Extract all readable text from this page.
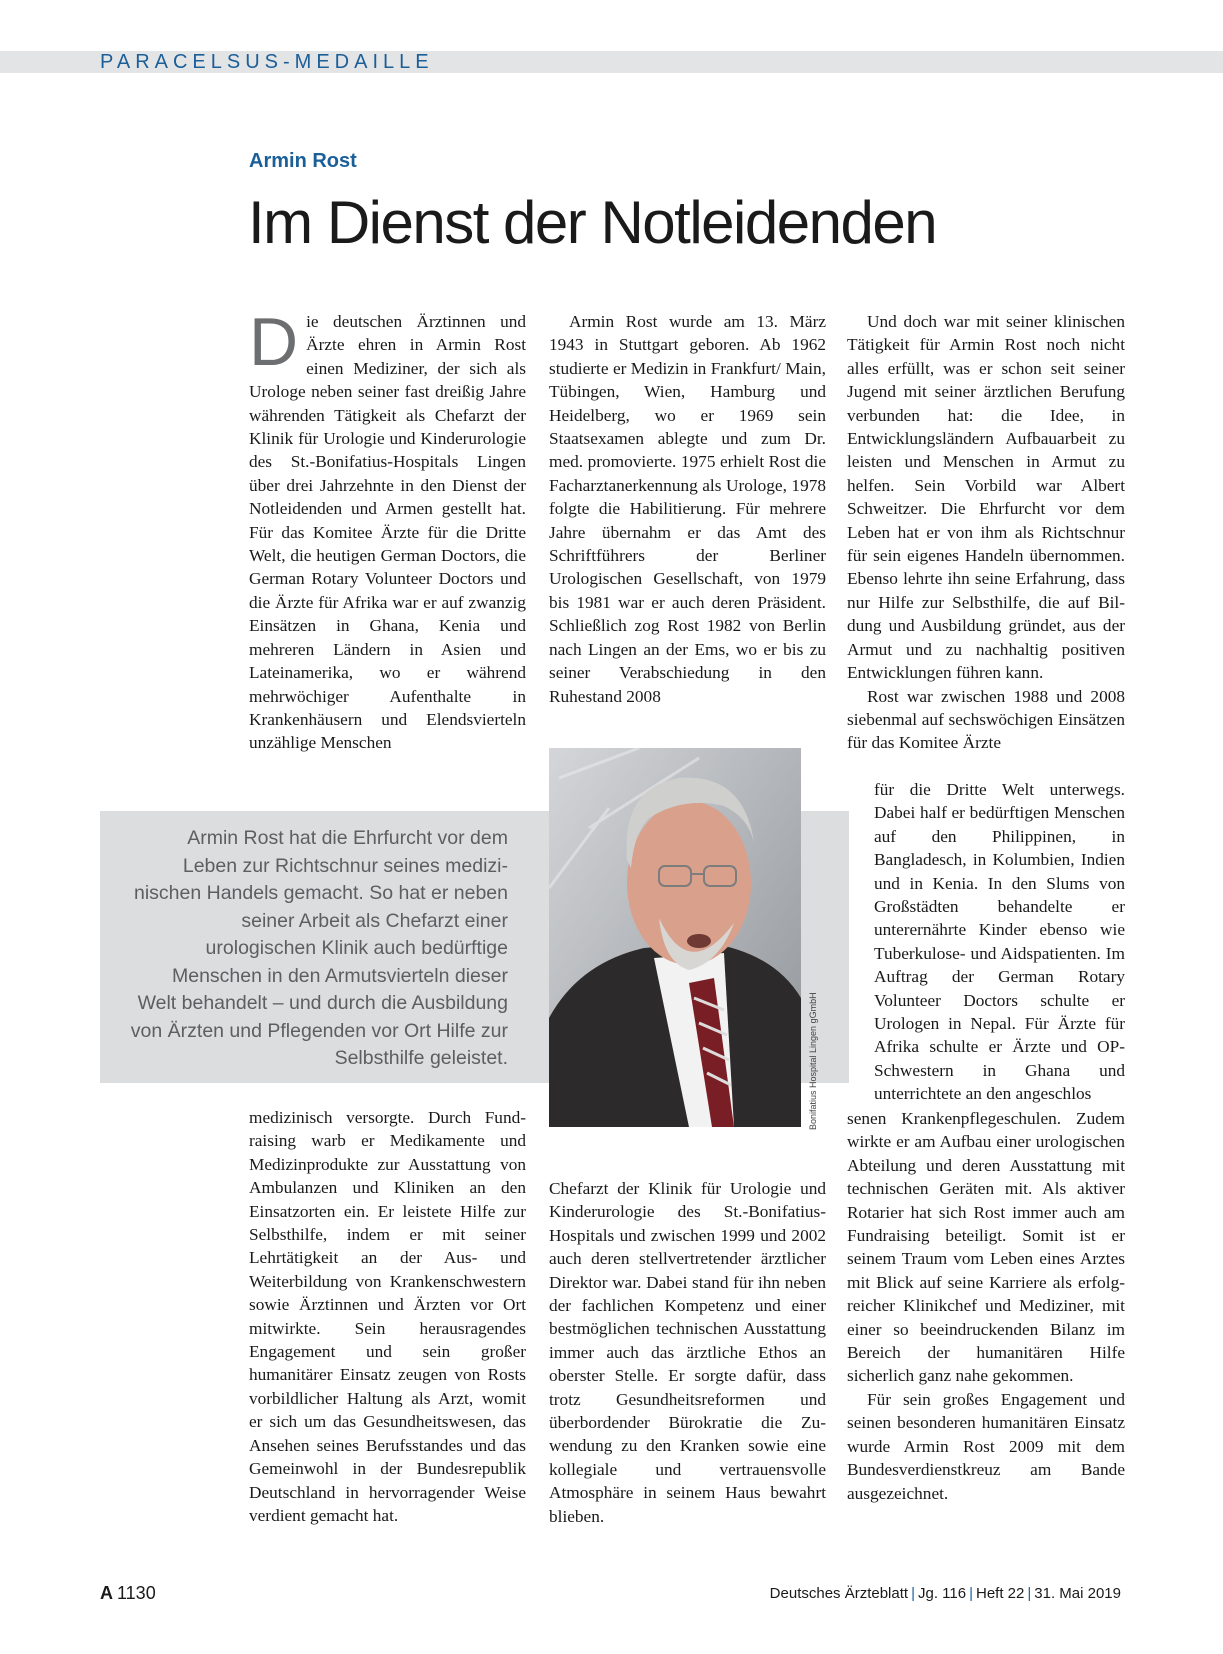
PARACELSUS-MEDAILLE
Armin Rost
Im Dienst der Notleidenden

Die deutschen Ärztinnen und Ärzte ehren in Armin Rost einen Mediziner, der sich als Urologe neben seiner fast dreißig Jahre währenden Tätigkeit als Chefarzt der Klinik für Urologie und Kinderurologie des St.-Bonifatius-Hospitals Lingen über drei Jahrzehnte in den Dienst der Notleidenden und Armen gestellt hat. Für das Komitee Ärzte für die Dritte Welt, die heutigen German Doctors, die German Rotary Volunteer Doctors und die Ärzte für Afrika war er auf zwanzig Einsätzen in Ghana, Kenia und mehreren Ländern in Asien und Lateinamerika, wo er während mehrwöchiger Aufenthalte in Krankenhäusern und Elendsvierteln unzählige Menschen

Armin Rost hat die Ehrfurcht vor dem Leben zur Richtschnur seines medizinischen Handels gemacht. So hat er neben seiner Arbeit als Chefarzt einer urologischen Klinik auch bedürftige Menschen in den Armutsvierteln dieser Welt behandelt – und durch die Ausbildung von Ärzten und Pflegenden vor Ort Hilfe zur Selbsthilfe geleistet.

medizinisch versorgte. Durch Fundraising warb er Medikamente und Medizinprodukte zur Ausstattung von Ambulanzen und Kliniken an den Einsatzorten ein. Er leistete Hilfe zur Selbsthilfe, indem er mit seiner Lehrtätigkeit an der Aus- und Weiterbildung von Krankenschwestern sowie Ärztinnen und Ärzten vor Ort mitwirkte. Sein herausragendes Engagement und sein großer humanitärer Einsatz zeugen von Rosts vorbildlicher Haltung als Arzt, womit er sich um das Gesundheitswesen, das Ansehen seines Berufsstandes und das Gemeinwohl in der Bundesrepublik Deutschland in hervorragender Weise verdient gemacht hat.

Armin Rost wurde am 13. März 1943 in Stuttgart geboren. Ab 1962 studierte er Medizin in Frankfurt/ Main, Tübingen, Wien, Hamburg und Heidelberg, wo er 1969 sein Staatsexamen ablegte und zum Dr. med. promovierte. 1975 erhielt Rost die Facharztanerkennung als Urologe, 1978 folgte die Habilitierung. Für mehrere Jahre übernahm er das Amt des Schriftführers der Berliner Urologischen Gesellschaft, von 1979 bis 1981 war er auch deren Präsident. Schließlich zog Rost 1982 von Berlin nach Lingen an der Ems, wo er bis zu seiner Verabschiedung in den Ruhestand 2008

Bonifatius Hospital Lingen gGmbH

Chefarzt der Klinik für Urologie und Kinderurologie des St.-Bonifatius-Hospitals und zwischen 1999 und 2002 auch deren stellvertretender ärztlicher Direktor war. Dabei stand für ihn neben der fachlichen Kompetenz und einer bestmöglichen technischen Ausstattung immer auch das ärztliche Ethos an oberster Stelle. Er sorgte dafür, dass trotz Gesundheitsreformen und überbordender Bürokratie die Zuwendung zu den Kranken sowie eine kollegiale und vertrauensvolle Atmosphäre in seinem Haus bewahrt blieben.

Und doch war mit seiner klinischen Tätigkeit für Armin Rost noch nicht alles erfüllt, was er schon seit seiner Jugend mit seiner ärztlichen Berufung verbunden hat: die Idee, in Entwicklungsländern Aufbauarbeit zu leisten und Menschen in Armut zu helfen. Sein Vorbild war Albert Schweitzer. Die Ehrfurcht vor dem Leben hat er von ihm als Richtschnur für sein eigenes Handeln übernommen. Ebenso lehrte ihn seine Erfahrung, dass nur Hilfe zur Selbsthilfe, die auf Bildung und Ausbildung gründet, aus der Armut und zu nachhaltig positiven Entwicklungen führen kann.

Rost war zwischen 1988 und 2008 siebenmal auf sechswöchigen Einsätzen für das Komitee Ärzte

für die Dritte Welt unterwegs. Dabei half er bedürftigen Menschen auf den Philippinen, in Bangladesch, in Kolumbien, Indien und in Kenia. In den Slums von Großstädten behandelte er unterernährte Kinder ebenso wie Tuberkulose- und Aidspatienten. Im Auftrag der German Rotary Volunteer Doctors schulte er Urologen in Nepal. Für Ärzte für Afrika schulte er Ärzte und OP-Schwestern in Ghana und unterrichtete an den angeschlos

senen Krankenpflegeschulen. Zudem wirkte er am Aufbau einer urologischen Abteilung und deren Ausstattung mit technischen Geräten mit. Als aktiver Rotarier hat sich Rost immer auch am Fundraising beteiligt. Somit ist er seinem Traum vom Leben eines Arztes mit Blick auf seine Karriere als erfolgreicher Klinikchef und Mediziner, mit einer so beeindruckenden Bilanz im Bereich der humanitären Hilfe sicherlich ganz nahe gekommen.

Für sein großes Engagement und seinen besonderen humanitären Einsatz wurde Armin Rost 2009 mit dem Bundesverdienstkreuz am Bande ausgezeichnet.

A 1130	Deutsches Ärzteblatt | Jg. 116 | Heft 22 | 31. Mai 2019
